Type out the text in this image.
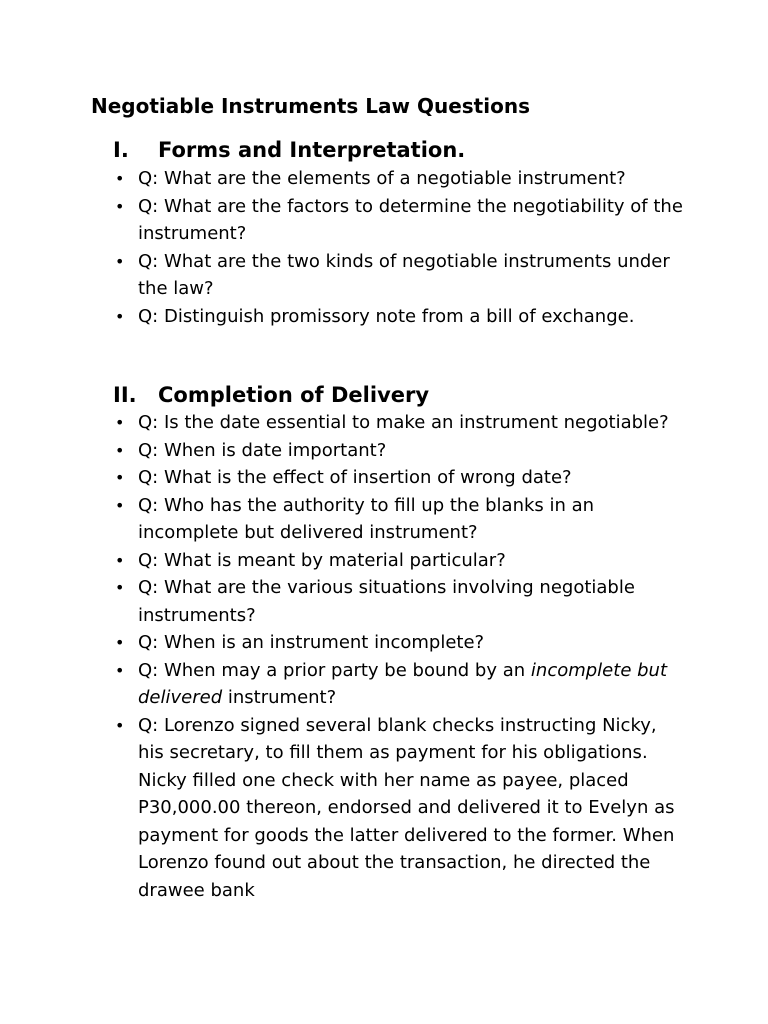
Negotiable Instruments Law Questions
I. Forms and Interpretation.
• Q: What are the elements of a negotiable instrument?
• Q: What are the factors to determine the negotiability of the instrument?
• Q: What are the two kinds of negotiable instruments under the law?
• Q: Distinguish promissory note from a bill of exchange.
II. Completion of Delivery
• Q: Is the date essential to make an instrument negotiable?
• Q: When is date important?
• Q: What is the effect of insertion of wrong date?
• Q: Who has the authority to fill up the blanks in an incomplete but delivered instrument?
• Q: What is meant by material particular?
• Q: What are the various situations involving negotiable instruments?
• Q: When is an instrument incomplete?
• Q: When may a prior party be bound by an incomplete but delivered instrument?
• Q: Lorenzo signed several blank checks instructing Nicky, his secretary, to fill them as payment for his obligations. Nicky filled one check with her name as payee, placed P30,000.00 thereon, endorsed and delivered it to Evelyn as payment for goods the latter delivered to the former. When Lorenzo found out about the transaction, he directed the drawee bank
